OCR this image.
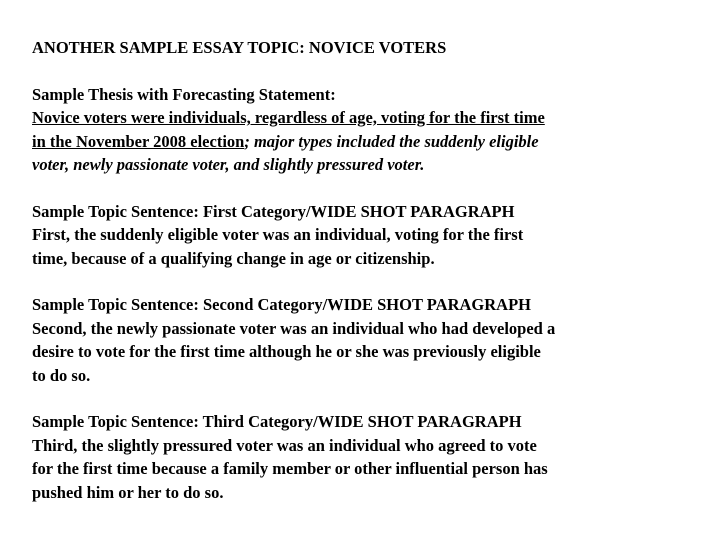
ANOTHER SAMPLE ESSAY TOPIC: NOVICE VOTERS

Sample Thesis with Forecasting Statement:

Novice voters were individuals, regardless of age, voting for the first time

in the November 2008 election; major types included the suddenly eligible

voter, newly passionate voter, and slightly pressured voter.

Sample Topic Sentence: First Category/WIDE SHOT PARAGRAPH

First, the suddenly eligible voter was an individual, voting for the first

time, because of a qualifying change in age or citizenship.

Sample Topic Sentence: Second Category/WIDE SHOT PARAGRAPH

Second, the newly passionate voter was an individual who had developed a

desire to vote for the first time although he or she was previously eligible

to do so.

Sample Topic Sentence: Third Category/WIDE SHOT PARAGRAPH

Third, the slightly pressured voter was an individual who agreed to vote

for the first time because a family member or other influential person has

pushed him or her to do so.
